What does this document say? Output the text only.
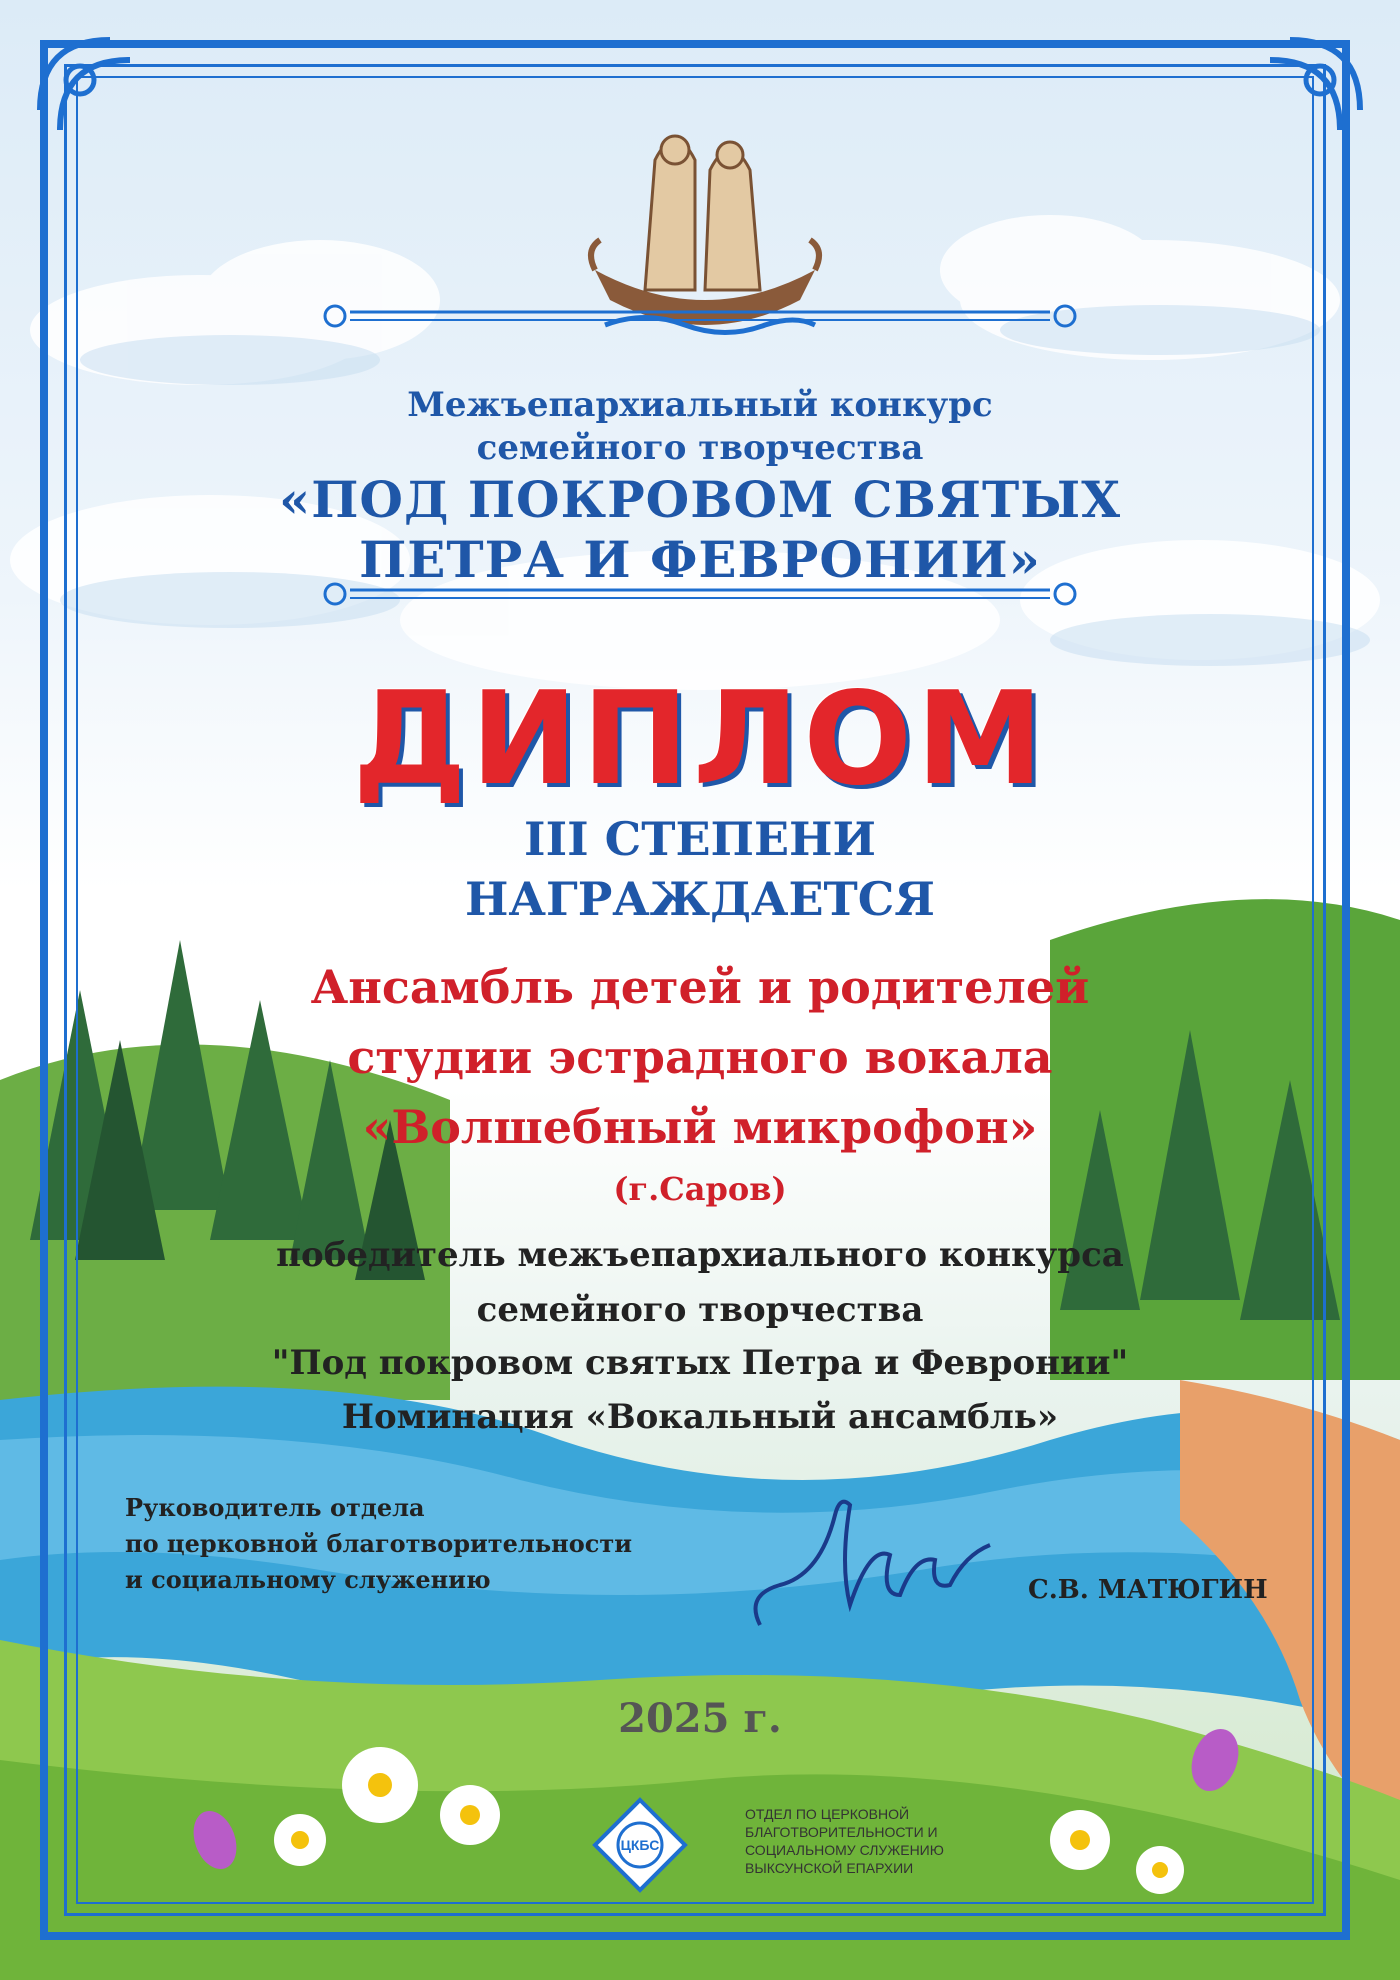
Межъепархиальный конкурс
семейного творчества
«ПОД ПОКРОВОМ СВЯТЫХ
ПЕТРА И ФЕВРОНИИ»
ДИПЛОМ
III СТЕПЕНИ
НАГРАЖДАЕТСЯ
Ансамбль детей и родителей
студии эстрадного вокала
«Волшебный микрофон»
(г.Саров)
победитель межъепархиального конкурса
семейного творчества
"Под покровом святых Петра и Февронии"
Номинация «Вокальный ансамбль»
Руководитель отдела
по церковной благотворительности
и социальному служению	С.В. МАТЮГИН
2025 г.
ЦКБС
ОТДЕЛ ПО ЦЕРКОВНОЙ
БЛАГОТВОРИТЕЛЬНОСТИ И
СОЦИАЛЬНОМУ СЛУЖЕНИЮ
ВЫКСУНСКОЙ ЕПАРХИИ
